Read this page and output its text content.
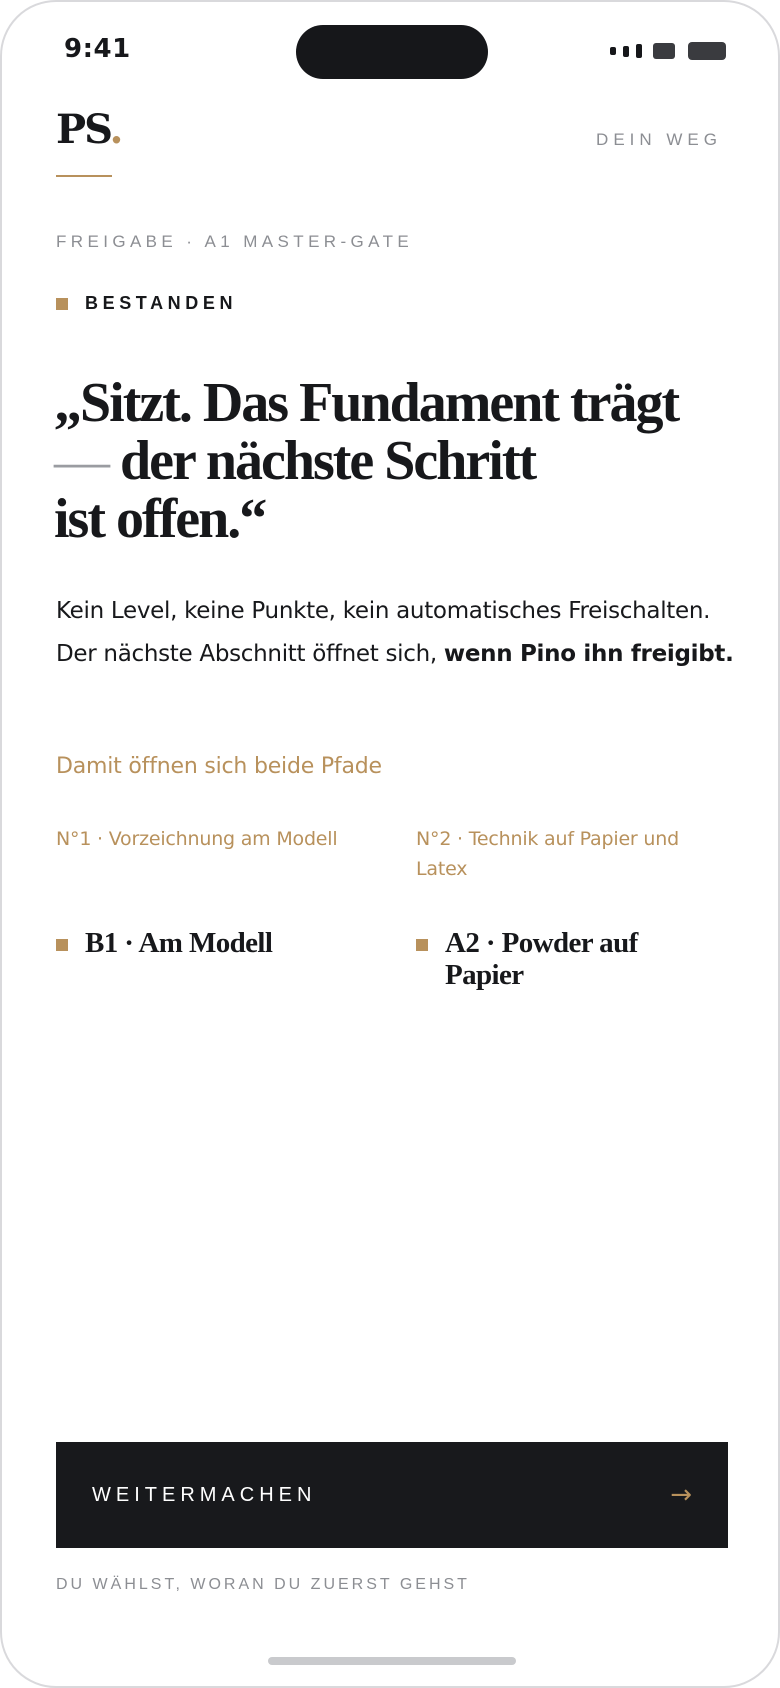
9:41
PS.	DEIN WEG
FREIGABE · A1 MASTER-GATE
BESTANDEN
„Sitzt. Das Fundament trägt
— der nächste Schritt
ist offen.“

Kein Level, keine Punkte, kein automatisches Freischalten. Der nächste Abschnitt öffnet sich, wenn Pino ihn freigibt.

Damit öffnen sich beide Pfade
N°1 · Vorzeichnung am Modell
B1 · Am Modell
N°2 · Technik auf Papier und Latex
A2 · Powder auf Papier
WEITERMACHEN	→
DU WÄHLST, WORAN DU ZUERST GEHST
